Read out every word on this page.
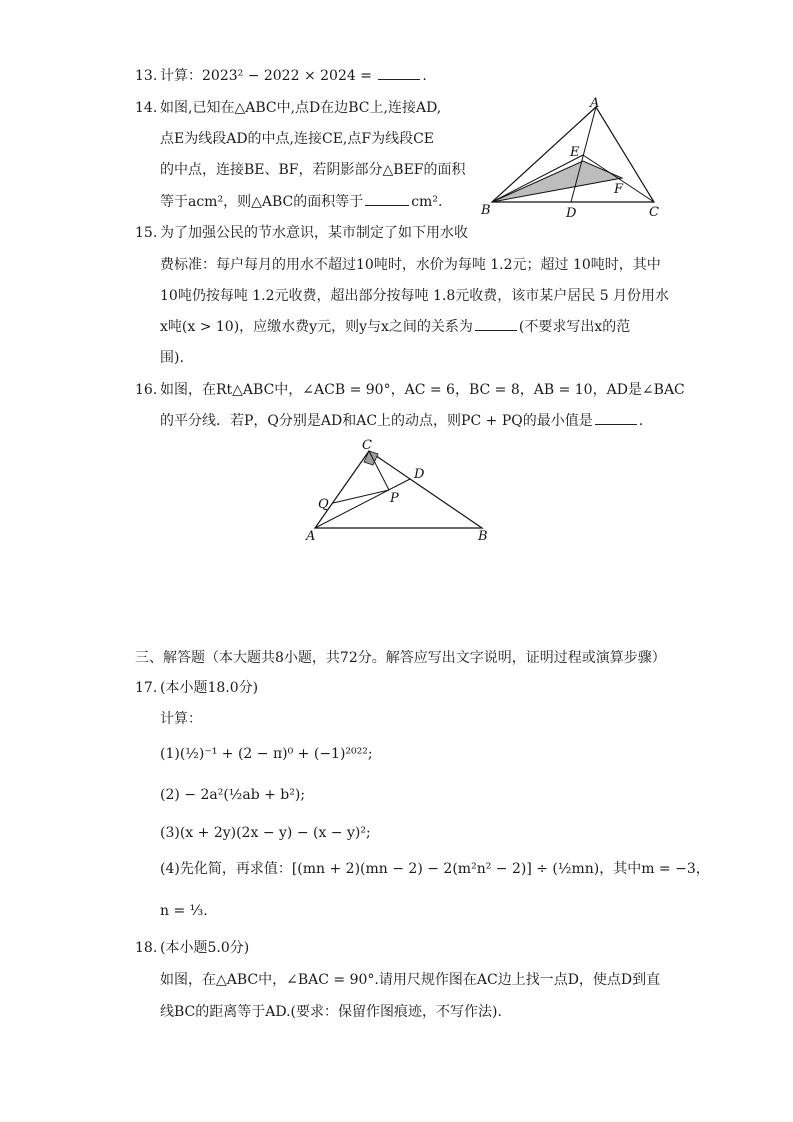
13. 计算：2023² − 2022 × 2024 =	.
14. 如图,已知在△ABC中,点D在边BC上,连接AD,
点E为线段AD的中点,连接CE,点F为线段CE
的中点，连接BE、BF，若阴影部分△BEF的面积
等于acm²，则△ABC的面积等于	cm².
A
E
F
B	D	C
15. 为了加强公民的节水意识，某市制定了如下用水收
费标准：每户每月的用水不超过10吨时，水价为每吨 1.2元；超过 10吨时，其中
10吨仍按每吨 1.2元收费，超出部分按每吨 1.8元收费，该市某户居民 5 月份用水
x吨(x > 10)，应缴水费y元，则y与x之间的关系为	(不要求写出x的范
围).
16. 如图，在Rt△ABC中，∠ACB = 90°，AC = 6，BC = 8，AB = 10，AD是∠BAC
的平分线．若P，Q分别是AD和AC上的动点，则PC + PQ的最小值是	.
C
D
Q	P
A	B
三、解答题（本大题共8小题，共72分。解答应写出文字说明，证明过程或演算步骤）
17. (本小题18.0分)
计算：
(1)(½)⁻¹ + (2 − π)⁰ + (−1)²⁰²²;
(2) − 2a²(½ab + b²);
(3)(x + 2y)(2x − y) − (x − y)²;
(4)先化简，再求值：[(mn + 2)(mn − 2) − 2(m²n² − 2)] ÷ (½mn)，其中m = −3，
n = ⅓.
18. (本小题5.0分)
如图，在△ABC中，∠BAC = 90°.请用尺规作图在AC边上找一点D，使点D到直
线BC的距离等于AD.(要求：保留作图痕迹，不写作法).
